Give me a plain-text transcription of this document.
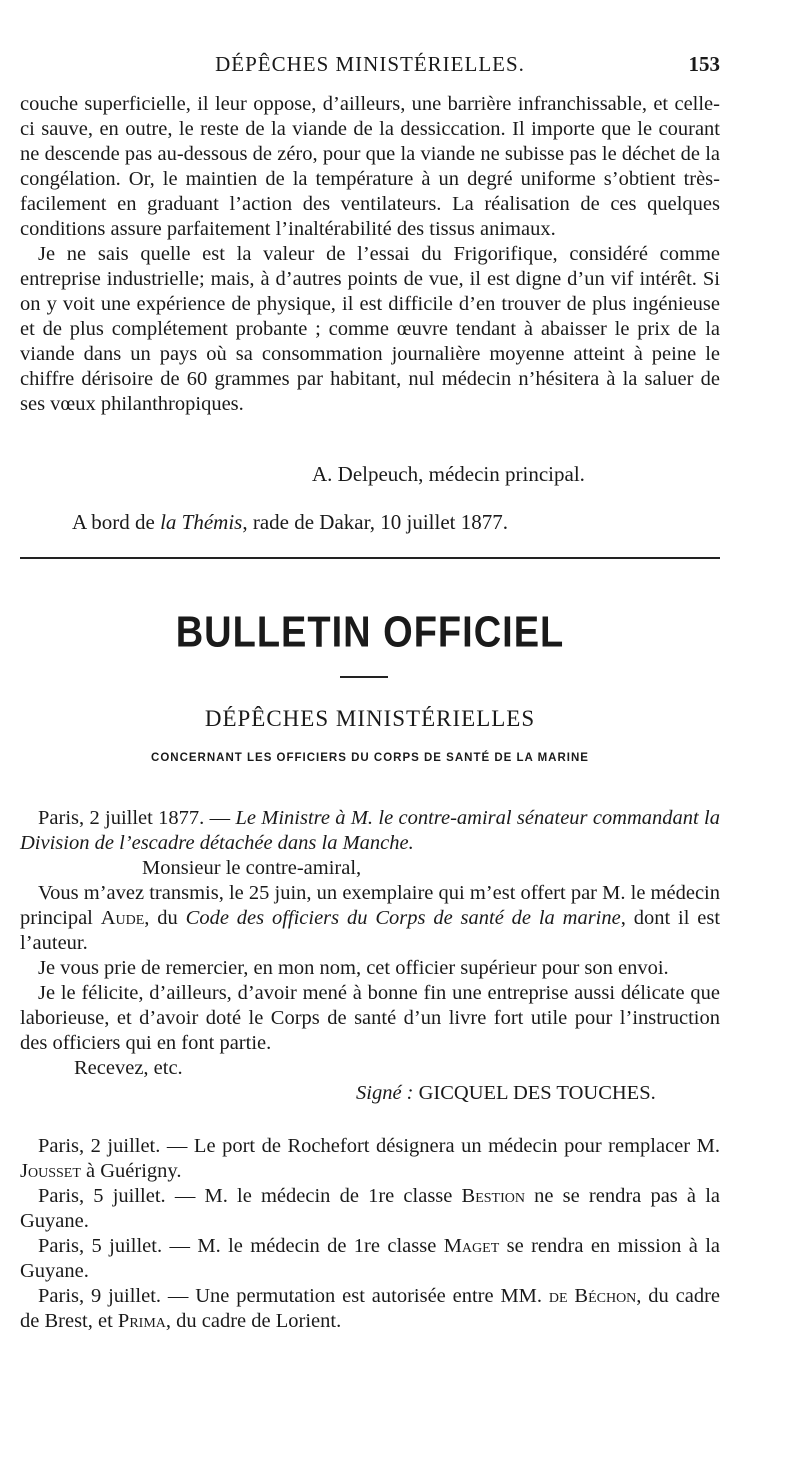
DÉPÊCHES MINISTÉRIELLES.	153

couche superficielle, il leur oppose, d’ailleurs, une barrière infranchissable, et celle-ci sauve, en outre, le reste de la viande de la dessiccation. Il importe que le courant ne descende pas au-dessous de zéro, pour que la viande ne subisse pas le déchet de la congélation. Or, le maintien de la température à un degré uniforme s’obtient très-facilement en graduant l’action des ventilateurs. La réalisation de ces quelques conditions assure parfaitement l’inaltérabilité des tissus animaux.

Je ne sais quelle est la valeur de l’essai du Frigorifique, considéré comme entreprise industrielle; mais, à d’autres points de vue, il est digne d’un vif intérêt. Si on y voit une expérience de physique, il est difficile d’en trouver de plus ingénieuse et de plus complétement probante ; comme œuvre tendant à abaisser le prix de la viande dans un pays où sa consommation journalière moyenne atteint à peine le chiffre dérisoire de 60 grammes par habitant, nul médecin n’hésitera à la saluer de ses vœux philanthropiques.

A. Delpeuch, médecin principal.
A bord de la Thémis, rade de Dakar, 10 juillet 1877.
BULLETIN OFFICIEL
DÉPÊCHES MINISTÉRIELLES
CONCERNANT LES OFFICIERS DU CORPS DE SANTÉ DE LA MARINE

Paris, 2 juillet 1877. — Le Ministre à M. le contre-amiral sénateur commandant la Division de l’escadre détachée dans la Manche.

Monsieur le contre-amiral,

Vous m’avez transmis, le 25 juin, un exemplaire qui m’est offert par M. le médecin principal Aude, du Code des officiers du Corps de santé de la marine, dont il est l’auteur.

Je vous prie de remercier, en mon nom, cet officier supérieur pour son envoi.

Je le félicite, d’ailleurs, d’avoir mené à bonne fin une entreprise aussi délicate que laborieuse, et d’avoir doté le Corps de santé d’un livre fort utile pour l’instruction des officiers qui en font partie.

Recevez, etc.

Signé : GICQUEL DES TOUCHES.

Paris, 2 juillet. — Le port de Rochefort désignera un médecin pour remplacer M. Jousset à Guérigny.

Paris, 5 juillet. — M. le médecin de 1re classe Bestion ne se rendra pas à la Guyane.

Paris, 5 juillet. — M. le médecin de 1re classe Maget se rendra en mission à la Guyane.

Paris, 9 juillet. — Une permutation est autorisée entre MM. de Béchon, du cadre de Brest, et Prima, du cadre de Lorient.
